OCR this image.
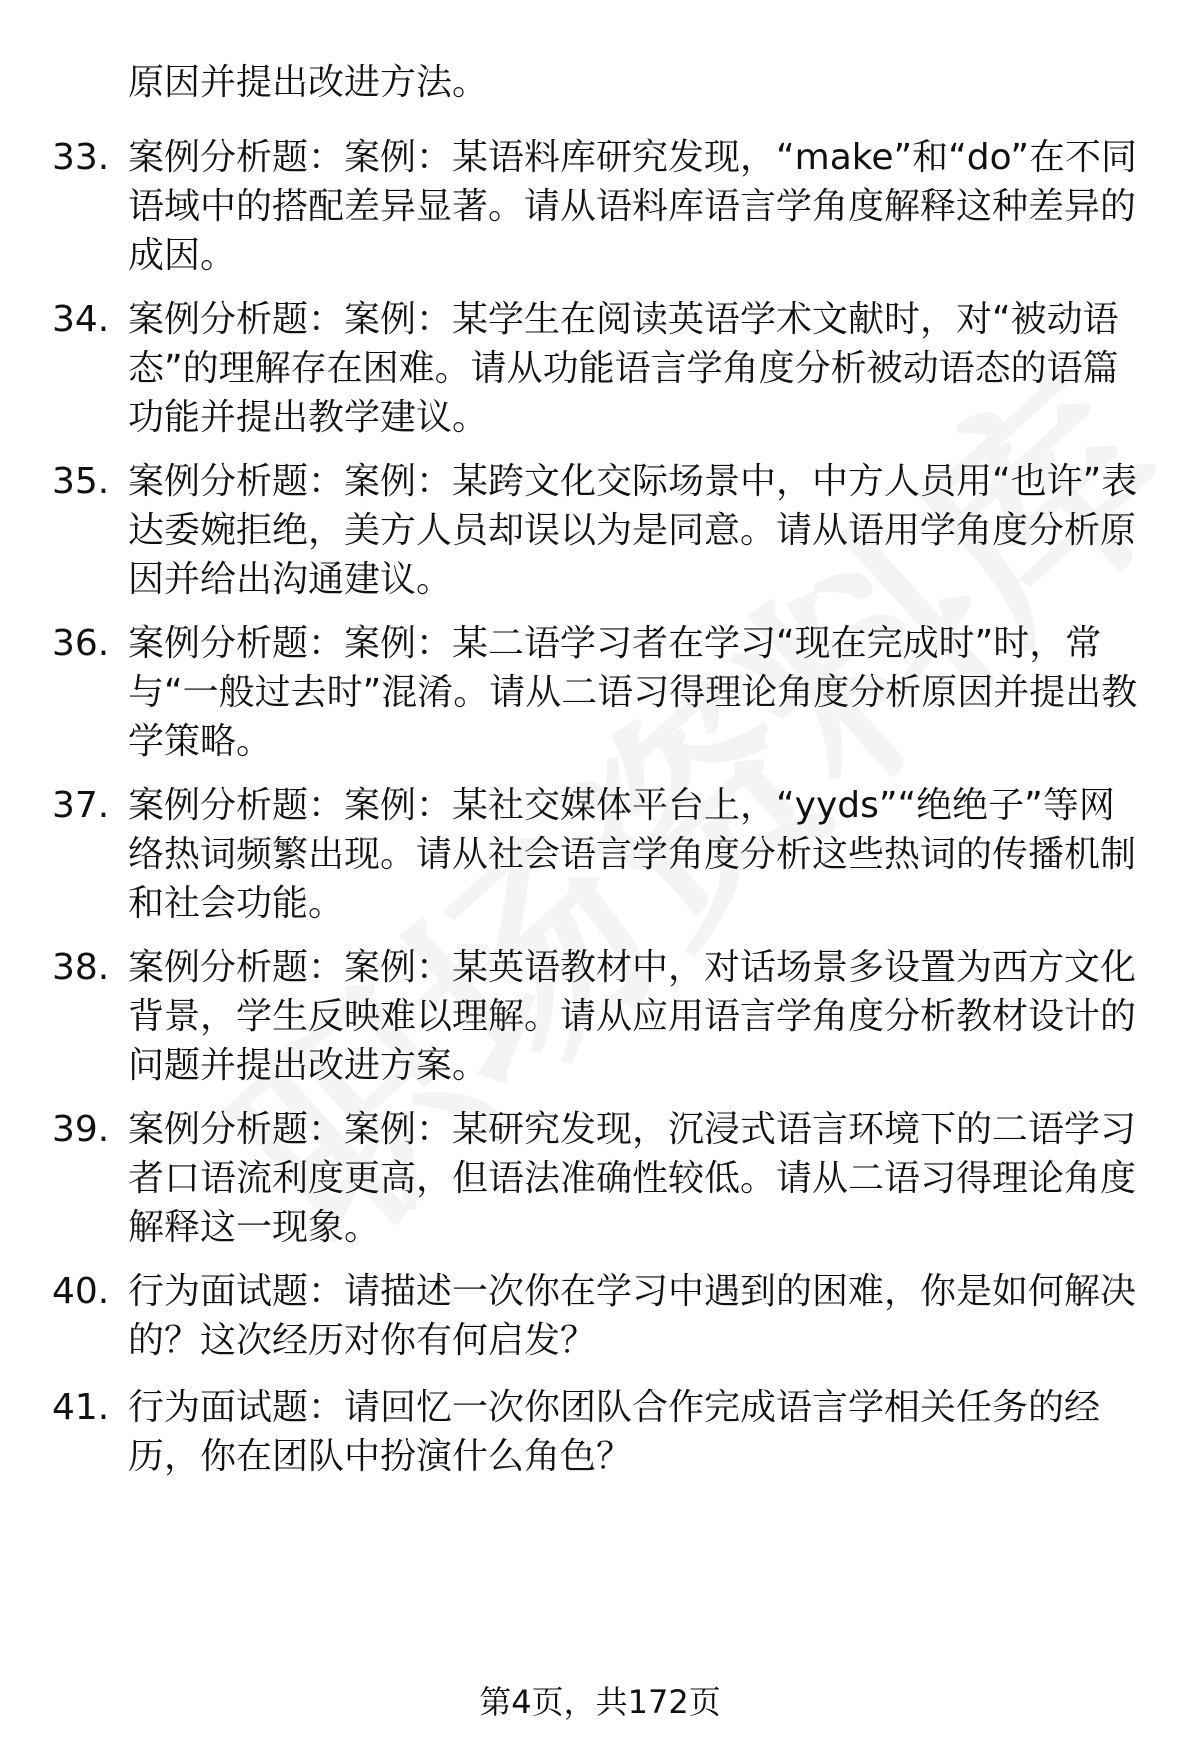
原因并提出改进方法。
33. 案例分析题：案例：某语料库研究发现，“make”和“do”在不同语域中的搭配差异显著。请从语料库语言学角度解释这种差异的成因。
34. 案例分析题：案例：某学生在阅读英语学术文献时，对“被动语态”的理解存在困难。请从功能语言学角度分析被动语态的语篇功能并提出教学建议。
35. 案例分析题：案例：某跨文化交际场景中，中方人员用“也许”表达委婉拒绝，美方人员却误以为是同意。请从语用学角度分析原因并给出沟通建议。
36. 案例分析题：案例：某二语学习者在学习“现在完成时”时，常与“一般过去时”混淆。请从二语习得理论角度分析原因并提出教学策略。
37. 案例分析题：案例：某社交媒体平台上，“yyds”“绝绝子”等网络热词频繁出现。请从社会语言学角度分析这些热词的传播机制和社会功能。
38. 案例分析题：案例：某英语教材中，对话场景多设置为西方文化背景，学生反映难以理解。请从应用语言学角度分析教材设计的问题并提出改进方案。
39. 案例分析题：案例：某研究发现，沉浸式语言环境下的二语学习者口语流利度更高，但语法准确性较低。请从二语习得理论角度解释这一现象。
40. 行为面试题：请描述一次你在学习中遇到的困难，你是如何解决的？这次经历对你有何启发？
41. 行为面试题：请回忆一次你团队合作完成语言学相关任务的经历，你在团队中扮演什么角色？
第4页，共172页
